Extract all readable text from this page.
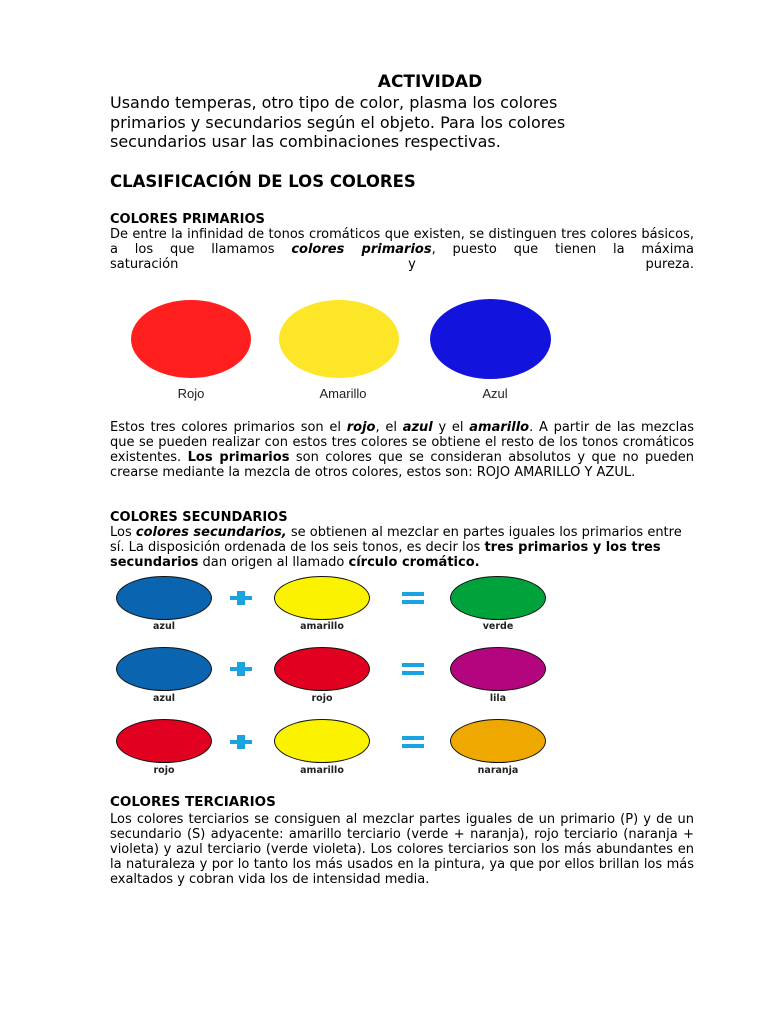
ACTIVIDAD
Usando temperas, otro tipo de color, plasma los colores primarios y secundarios según el objeto. Para los colores secundarios usar las combinaciones respectivas.
CLASIFICACIÓN DE LOS COLORES
COLORES PRIMARIOS
De entre la infinidad de tonos cromáticos que existen, se distinguen tres colores básicos, a los que llamamos colores primarios, puesto que tienen la máxima
saturación y pureza.
Rojo	Amarillo	Azul
Estos tres colores primarios son el rojo, el azul y el amarillo. A partir de las mezclas que se pueden realizar con estos tres colores se obtiene el resto de los tonos cromáticos existentes. Los primarios son colores que se consideran absolutos y que no pueden crearse mediante la mezcla de otros colores, estos son: ROJO AMARILLO Y AZUL.
COLORES SECUNDARIOS
Los colores secundarios, se obtienen al mezclar en partes iguales los primarios entre sí. La disposición ordenada de los seis tonos, es decir los tres primarios y los tres secundarios dan origen al llamado círculo cromático.
azul	amarillo	verde
azul	rojo	lila
rojo	amarillo	naranja
COLORES TERCIARIOS
Los colores terciarios se consiguen al mezclar partes iguales de un primario (P) y de un secundario (S) adyacente: amarillo terciario (verde + naranja), rojo terciario (naranja + violeta) y azul terciario (verde violeta). Los colores terciarios son los más abundantes en la naturaleza y por lo tanto los más usados en la pintura, ya que por ellos brillan los más exaltados y cobran vida los de intensidad media.
